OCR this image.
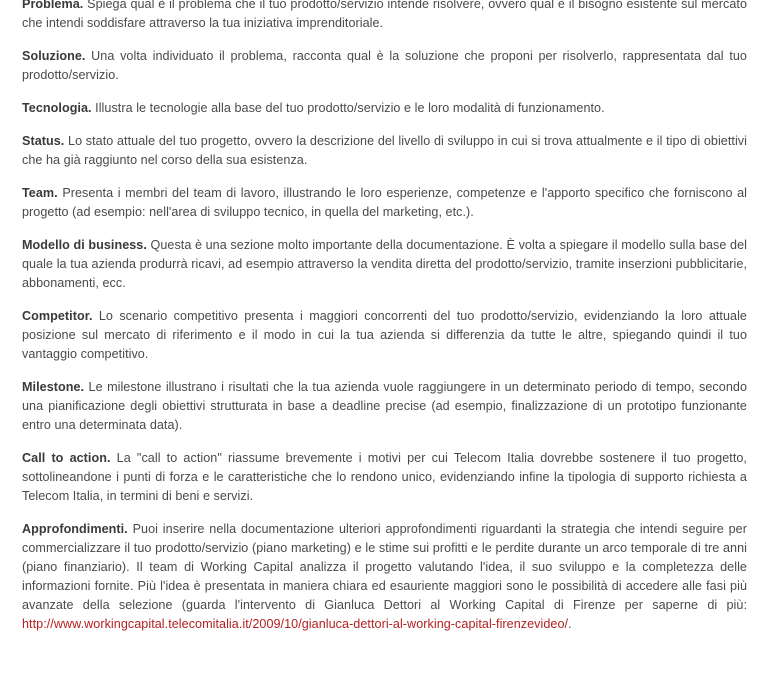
Problema. Spiega qual è il problema che il tuo prodotto/servizio intende risolvere, ovvero qual è il bisogno esistente sul mercato che intendi soddisfare attraverso la tua iniziativa imprenditoriale.

Soluzione. Una volta individuato il problema, racconta qual è la soluzione che proponi per risolverlo, rappresentata dal tuo prodotto/servizio.

Tecnologia. Illustra le tecnologie alla base del tuo prodotto/servizio e le loro modalità di funzionamento.

Status. Lo stato attuale del tuo progetto, ovvero la descrizione del livello di sviluppo in cui si trova attualmente e il tipo di obiettivi che ha già raggiunto nel corso della sua esistenza.

Team. Presenta i membri del team di lavoro, illustrando le loro esperienze, competenze e l'apporto specifico che forniscono al progetto (ad esempio: nell'area di sviluppo tecnico, in quella del marketing, etc.).

Modello di business. Questa è una sezione molto importante della documentazione. È volta a spiegare il modello sulla base del quale la tua azienda produrrà ricavi, ad esempio attraverso la vendita diretta del prodotto/servizio, tramite inserzioni pubblicitarie, abbonamenti, ecc.

Competitor. Lo scenario competitivo presenta i maggiori concorrenti del tuo prodotto/servizio, evidenziando la loro attuale posizione sul mercato di riferimento e il modo in cui la tua azienda si differenzia da tutte le altre, spiegando quindi il tuo vantaggio competitivo.

Milestone. Le milestone illustrano i risultati che la tua azienda vuole raggiungere in un determinato periodo di tempo, secondo una pianificazione degli obiettivi strutturata in base a deadline precise (ad esempio, finalizzazione di un prototipo funzionante entro una determinata data).

Call to action. La "call to action" riassume brevemente i motivi per cui Telecom Italia dovrebbe sostenere il tuo progetto, sottolineandone i punti di forza e le caratteristiche che lo rendono unico, evidenziando infine la tipologia di supporto richiesta a Telecom Italia, in termini di beni e servizi.

Approfondimenti. Puoi inserire nella documentazione ulteriori approfondimenti riguardanti la strategia che intendi seguire per commercializzare il tuo prodotto/servizio (piano marketing) e le stime sui profitti e le perdite durante un arco temporale di tre anni (piano finanziario). Il team di Working Capital analizza il progetto valutando l'idea, il suo sviluppo e la completezza delle informazioni fornite. Più l'idea è presentata in maniera chiara ed esauriente maggiori sono le possibilità di accedere alle fasi più avanzate della selezione (guarda l'intervento di Gianluca Dettori al Working Capital di Firenze per saperne di più: http://www.workingcapital.telecomitalia.it/2009/10/gianluca-dettori-al-working-capital-firenzevideo/.
